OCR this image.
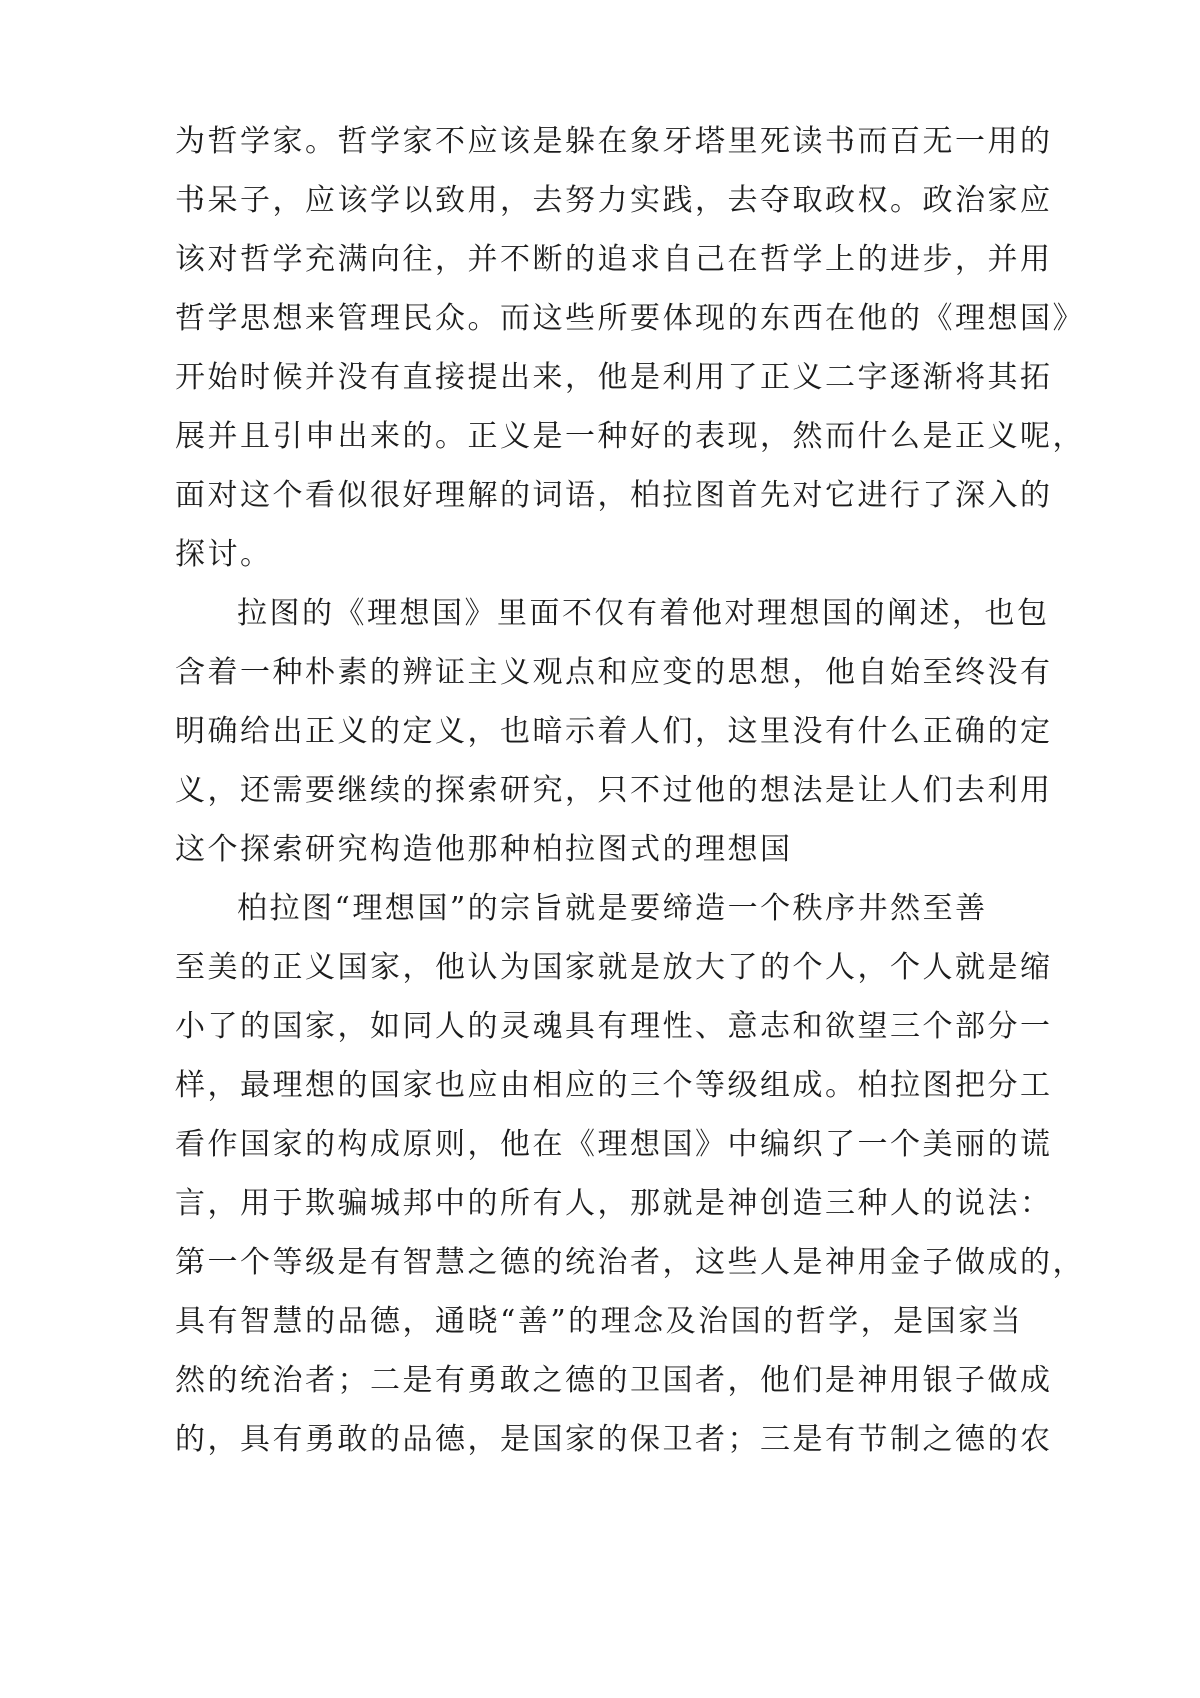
为哲学家。哲学家不应该是躲在象牙塔里死读书而百无一用的
书呆子，应该学以致用，去努力实践，去夺取政权。政治家应
该对哲学充满向往，并不断的追求自己在哲学上的进步，并用
哲学思想来管理民众。而这些所要体现的东西在他的《理想国》
开始时候并没有直接提出来，他是利用了正义二字逐渐将其拓
展并且引申出来的。正义是一种好的表现，然而什么是正义呢，
面对这个看似很好理解的词语，柏拉图首先对它进行了深入的
探讨。
拉图的《理想国》里面不仅有着他对理想国的阐述，也包
含着一种朴素的辨证主义观点和应变的思想，他自始至终没有
明确给出正义的定义，也暗示着人们，这里没有什么正确的定
义，还需要继续的探索研究，只不过他的想法是让人们去利用
这个探索研究构造他那种柏拉图式的理想国
柏拉图“理想国”的宗旨就是要缔造一个秩序井然至善
至美的正义国家，他认为国家就是放大了的个人，个人就是缩
小了的国家，如同人的灵魂具有理性、意志和欲望三个部分一
样，最理想的国家也应由相应的三个等级组成。柏拉图把分工
看作国家的构成原则，他在《理想国》中编织了一个美丽的谎
言，用于欺骗城邦中的所有人，那就是神创造三种人的说法：
第一个等级是有智慧之德的统治者，这些人是神用金子做成的，
具有智慧的品德，通晓“善”的理念及治国的哲学，是国家当
然的统治者；二是有勇敢之德的卫国者，他们是神用银子做成
的，具有勇敢的品德，是国家的保卫者；三是有节制之德的农
